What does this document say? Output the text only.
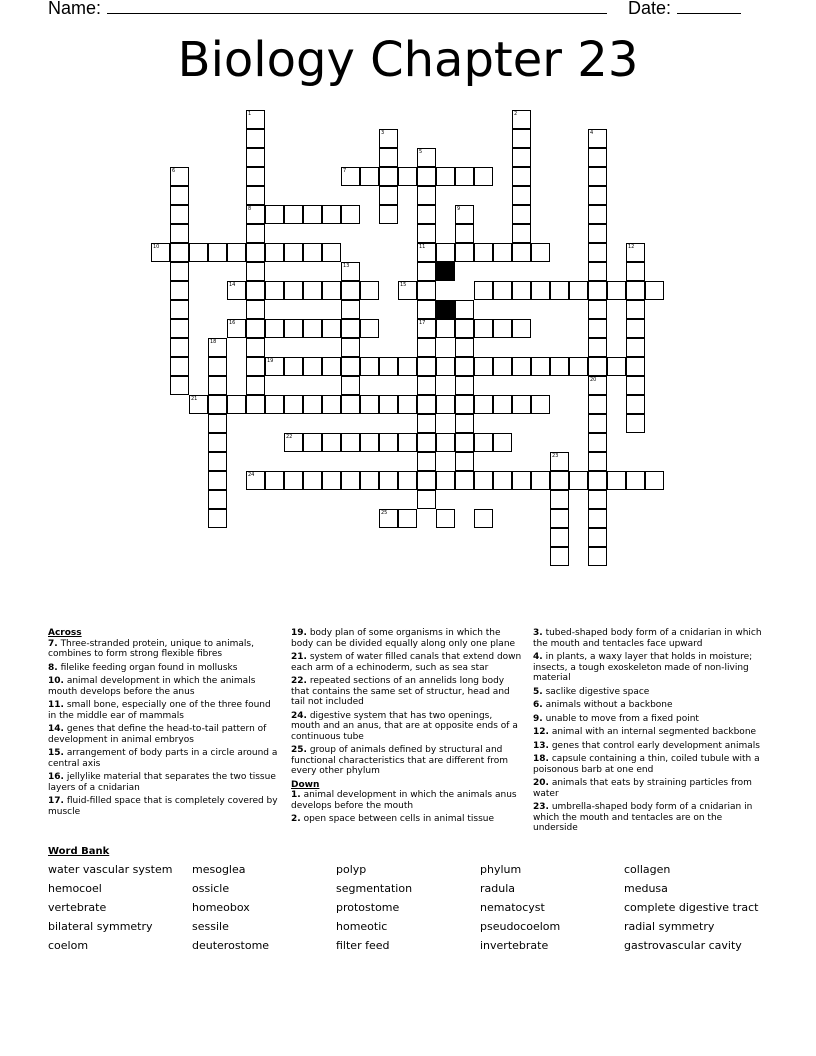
Name:	Date:
Biology Chapter 23
24
1
8
2
3	4
5
11
17
6	7
9
10	12
13
14	15
16
18
19
20
21
22
23
25
Across
7. Three-stranded protein, unique to animals, combines to form strong flexible fibres
8. filelike feeding organ found in mollusks
10. animal development in which the animals mouth develops before the anus
11. small bone, especially one of the three found in the middle ear of mammals
14. genes that define the head-to-tail pattern of development in animal embryos
15. arrangement of body parts in a circle around a central axis
16. jellylike material that separates the two tissue layers of a cnidarian
17. fluid-filled space that is completely covered by muscle
19. body plan of some organisms in which the body can be divided equally along only one plane
21. system of water filled canals that extend down each arm of a echinoderm, such as sea star
22. repeated sections of an annelids long body that contains the same set of structur, head and tail not included
24. digestive system that has two openings, mouth and an anus, that are at opposite ends of a continuous tube
25. group of animals defined by structural and functional characteristics that are different from every other phylum
Down
1. animal development in which the animals anus develops before the mouth
2. open space between cells in animal tissue
3. tubed-shaped body form of a cnidarian in which the mouth and tentacles face upward
4. in plants, a waxy layer that holds in moisture; insects, a tough exoskeleton made of non-living material
5. saclike digestive space
6. animals without a backbone
9. unable to move from a fixed point
12. animal with an internal segmented backbone
13. genes that control early development animals
18. capsule containing a thin, coiled tubule with a poisonous barb at one end
20. animals that eats by straining particles from water
23. umbrella-shaped body form of a cnidarian in which the mouth and tentacles are on the underside
Word Bank
water vascular system	mesoglea	polyp	phylum	collagen
hemocoel	ossicle	segmentation	radula	medusa
vertebrate	homeobox	protostome	nematocyst	complete digestive tract
bilateral symmetry	sessile	homeotic	pseudocoelom	radial symmetry
coelom	deuterostome	filter feed	invertebrate	gastrovascular cavity
